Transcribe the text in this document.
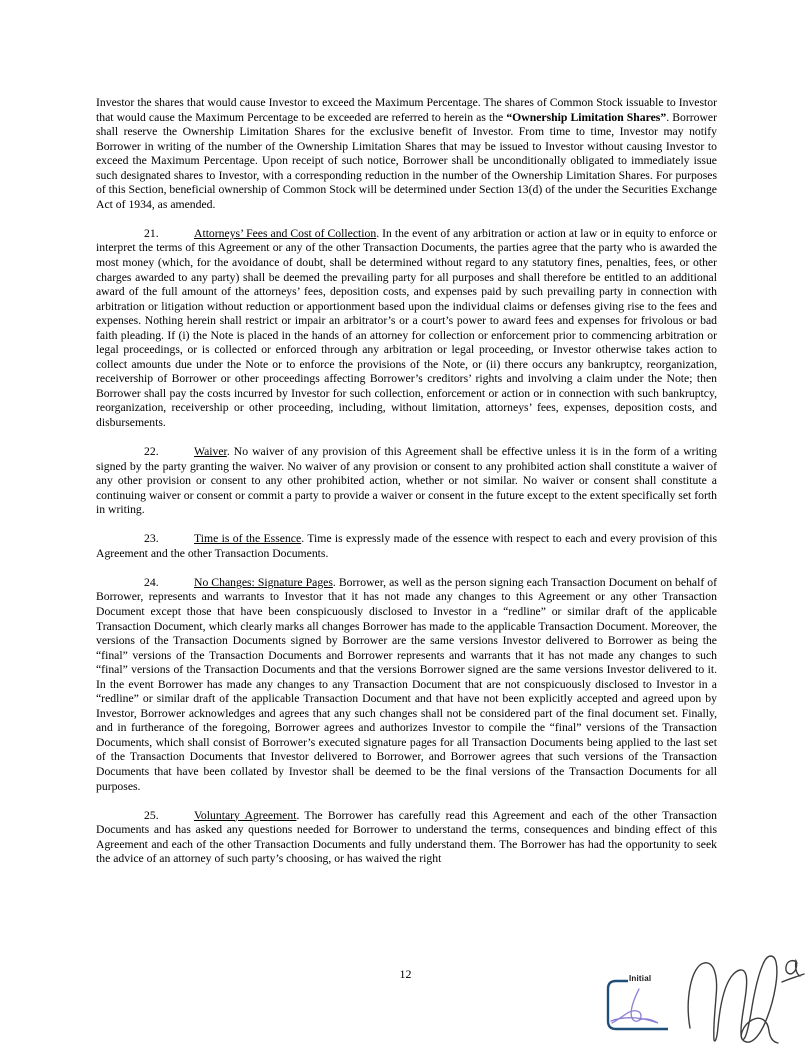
Investor the shares that would cause Investor to exceed the Maximum Percentage. The shares of Common Stock issuable to Investor that would cause the Maximum Percentage to be exceeded are referred to herein as the “Ownership Limitation Shares”. Borrower shall reserve the Ownership Limitation Shares for the exclusive benefit of Investor. From time to time, Investor may notify Borrower in writing of the number of the Ownership Limitation Shares that may be issued to Investor without causing Investor to exceed the Maximum Percentage. Upon receipt of such notice, Borrower shall be unconditionally obligated to immediately issue such designated shares to Investor, with a corresponding reduction in the number of the Ownership Limitation Shares. For purposes of this Section, beneficial ownership of Common Stock will be determined under Section 13(d) of the under the Securities Exchange Act of 1934, as amended.

21.	Attorneys’ Fees and Cost of Collection. In the event of any arbitration or action at law or in equity to enforce or interpret the terms of this Agreement or any of the other Transaction Documents, the parties agree that the party who is awarded the most money (which, for the avoidance of doubt, shall be determined without regard to any statutory fines, penalties, fees, or other charges awarded to any party) shall be deemed the prevailing party for all purposes and shall therefore be entitled to an additional award of the full amount of the attorneys’ fees, deposition costs, and expenses paid by such prevailing party in connection with arbitration or litigation without reduction or apportionment based upon the individual claims or defenses giving rise to the fees and expenses. Nothing herein shall restrict or impair an arbitrator’s or a court’s power to award fees and expenses for frivolous or bad faith pleading. If (i) the Note is placed in the hands of an attorney for collection or enforcement prior to commencing arbitration or legal proceedings, or is collected or enforced through any arbitration or legal proceeding, or Investor otherwise takes action to collect amounts due under the Note or to enforce the provisions of the Note, or (ii) there occurs any bankruptcy, reorganization, receivership of Borrower or other proceedings affecting Borrower’s creditors’ rights and involving a claim under the Note; then Borrower shall pay the costs incurred by Investor for such collection, enforcement or action or in connection with such bankruptcy, reorganization, receivership or other proceeding, including, without limitation, attorneys’ fees, expenses, deposition costs, and disbursements.

22.	Waiver. No waiver of any provision of this Agreement shall be effective unless it is in the form of a writing signed by the party granting the waiver. No waiver of any provision or consent to any prohibited action shall constitute a waiver of any other provision or consent to any other prohibited action, whether or not similar. No waiver or consent shall constitute a continuing waiver or consent or commit a party to provide a waiver or consent in the future except to the extent specifically set forth in writing.

23.	Time is of the Essence. Time is expressly made of the essence with respect to each and every provision of this Agreement and the other Transaction Documents.

24.	No Changes: Signature Pages. Borrower, as well as the person signing each Transaction Document on behalf of Borrower, represents and warrants to Investor that it has not made any changes to this Agreement or any other Transaction Document except those that have been conspicuously disclosed to Investor in a “redline” or similar draft of the applicable Transaction Document, which clearly marks all changes Borrower has made to the applicable Transaction Document. Moreover, the versions of the Transaction Documents signed by Borrower are the same versions Investor delivered to Borrower as being the “final” versions of the Transaction Documents and Borrower represents and warrants that it has not made any changes to such “final” versions of the Transaction Documents and that the versions Borrower signed are the same versions Investor delivered to it. In the event Borrower has made any changes to any Transaction Document that are not conspicuously disclosed to Investor in a “redline” or similar draft of the applicable Transaction Document and that have not been explicitly accepted and agreed upon by Investor, Borrower acknowledges and agrees that any such changes shall not be considered part of the final document set. Finally, and in furtherance of the foregoing, Borrower agrees and authorizes Investor to compile the “final” versions of the Transaction Documents, which shall consist of Borrower’s executed signature pages for all Transaction Documents being applied to the last set of the Transaction Documents that Investor delivered to Borrower, and Borrower agrees that such versions of the Transaction Documents that have been collated by Investor shall be deemed to be the final versions of the Transaction Documents for all purposes.

25.	Voluntary Agreement. The Borrower has carefully read this Agreement and each of the other Transaction Documents and has asked any questions needed for Borrower to understand the terms, consequences and binding effect of this Agreement and each of the other Transaction Documents and fully understand them. The Borrower has had the opportunity to seek the advice of an attorney of such party’s choosing, or has waived the right

12	Initial
